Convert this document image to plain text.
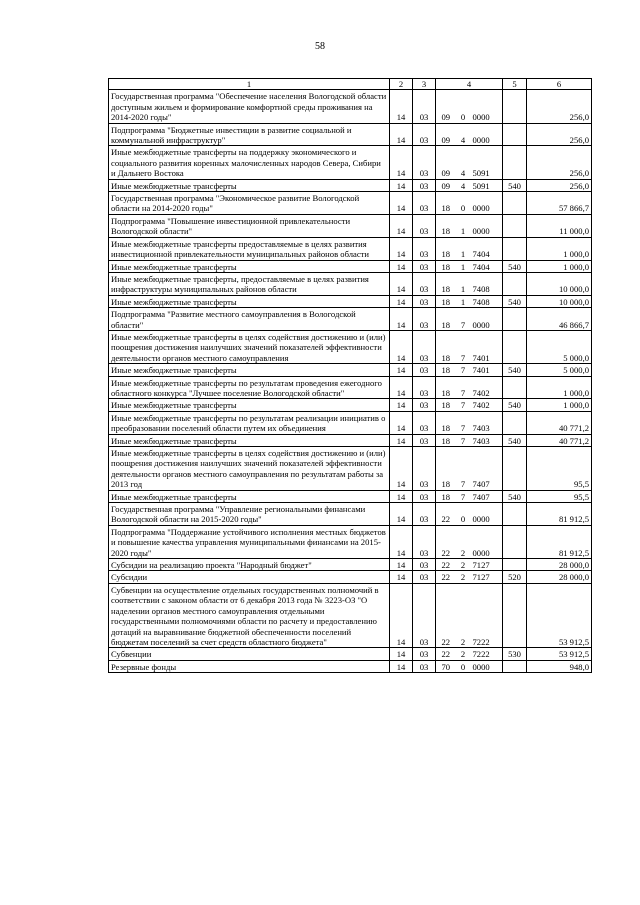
58
1	2	3	4			5	6
Государственная программа "Обеспечение населения Вологодской области доступным жильем и формирование комфортной среды проживания на 2014-2020 годы"	14	03	09	0	0000		256,0
Подпрограмма "Бюджетные инвестиции в развитие социальной и коммунальной инфраструктур"	14	03	09	4	0000		256,0
Иные межбюджетные трансферты на поддержку экономического и социального развития коренных малочисленных народов Севера, Сибири и Дальнего Востока	14	03	09	4	5091		256,0
Иные межбюджетные трансферты	14	03	09	4	5091	540	256,0
Государственная программа "Экономическое развитие Вологодской области на 2014-2020 годы"	14	03	18	0	0000		57 866,7
Подпрограмма "Повышение инвестиционной привлекательности Вологодской области"	14	03	18	1	0000		11 000,0
Иные межбюджетные трансферты предоставляемые в целях развития инвестиционной привлекательности муниципальных районов области	14	03	18	1	7404		1 000,0
Иные межбюджетные трансферты	14	03	18	1	7404	540	1 000,0
Иные межбюджетные трансферты, предоставляемые в целях развития инфраструктуры муниципальных районов области	14	03	18	1	7408		10 000,0
Иные межбюджетные трансферты	14	03	18	1	7408	540	10 000,0
Подпрограмма "Развитие местного самоуправления в Вологодской области"	14	03	18	7	0000		46 866,7
Иные межбюджетные трансферты в целях содействия достижению и (или) поощрения достижения наилучших значений показателей эффективности деятельности органов местного самоуправления	14	03	18	7	7401		5 000,0
Иные межбюджетные трансферты	14	03	18	7	7401	540	5 000,0
Иные межбюджетные трансферты по результатам проведения ежегодного областного конкурса "Лучшее поселение Вологодской области"	14	03	18	7	7402		1 000,0
Иные межбюджетные трансферты	14	03	18	7	7402	540	1 000,0
Иные межбюджетные трансферты по результатам реализации инициатив о преобразовании поселений области путем их объединения	14	03	18	7	7403		40 771,2
Иные межбюджетные трансферты	14	03	18	7	7403	540	40 771,2
Иные межбюджетные трансферты в целях содействия достижению и (или) поощрения достижения наилучших значений показателей эффективности деятельности органов местного самоуправления по результатам работы за 2013 год	14	03	18	7	7407		95,5
Иные межбюджетные трансферты	14	03	18	7	7407	540	95,5
Государственная программа "Управление региональными финансами Вологодской области на 2015-2020 годы"	14	03	22	0	0000		81 912,5
Подпрограмма "Поддержание устойчивого исполнения местных бюджетов и повышение качества управления муниципальными финансами на 2015-2020 годы"	14	03	22	2	0000		81 912,5
Субсидии на реализацию проекта "Народный бюджет"	14	03	22	2	7127		28 000,0
Субсидии	14	03	22	2	7127	520	28 000,0
Субвенции на осуществление отдельных государственных полномочий в соответствии с законом области от 6 декабря 2013 года № 3223-ОЗ "О наделении органов местного самоуправления отдельными государственными полномочиями области по расчету и предоставлению дотаций на выравнивание бюджетной обеспеченности поселений бюджетам поселений за счет средств областного бюджета"	14	03	22	2	7222		53 912,5
Субвенции	14	03	22	2	7222	530	53 912,5
Резервные фонды	14	03	70	0	0000		948,0
